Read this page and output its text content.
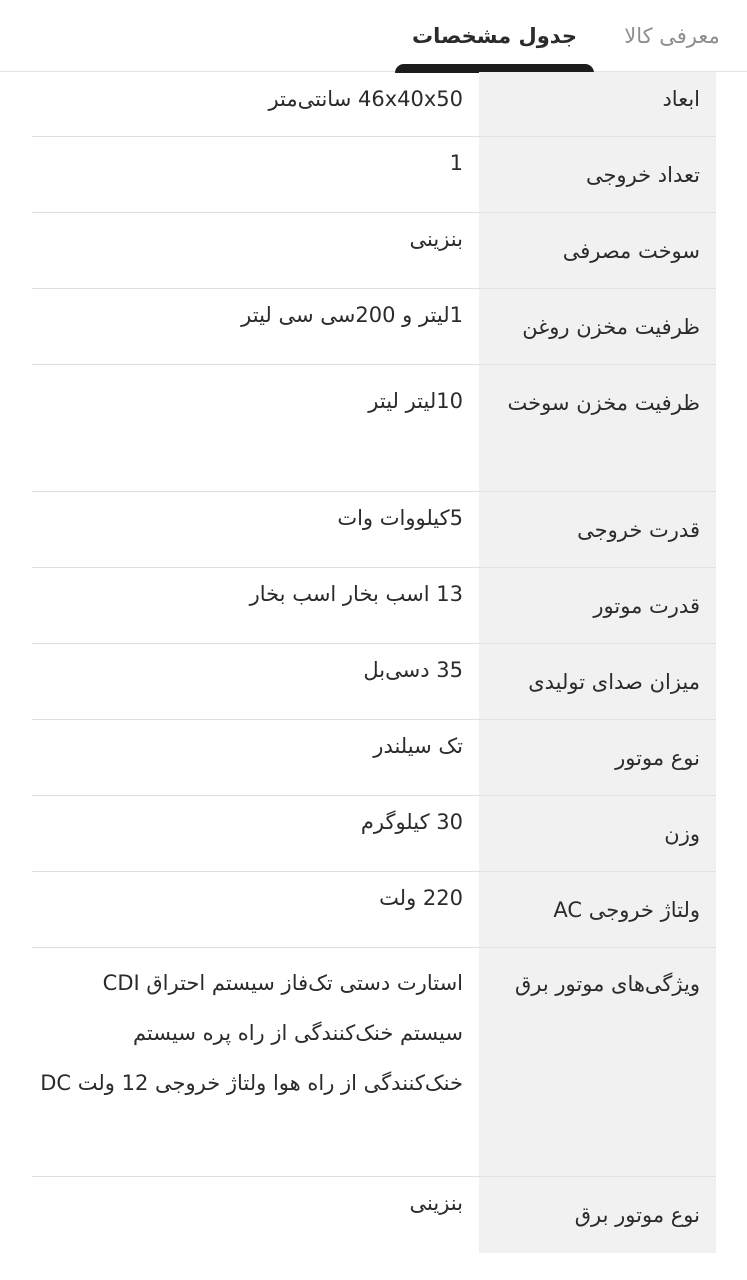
معرفی کالا
جدول مشخصات
ابعاد
46x40x50 سانتی‌متر
تعداد خروجی
1
سوخت مصرفی
بنزینی
ظرفیت مخزن روغن
1لیتر و 200سی سی لیتر
ظرفیت مخزن سوخت
10لیتر لیتر
قدرت خروجی
5کیلووات وات
قدرت موتور
13 اسب بخار اسب بخار
میزان صدای تولیدی
35 دسی‌بل
نوع موتور
تک سیلندر
وزن
30 کیلوگرم
ولتاژ خروجی AC
220 ولت
ویژگی‌های موتور برق
استارت دستی تک‌فاز سیستم احتراق CDI سیستم خنک‌کنندگی از راه پره سیستم خنک‌کنندگی از راه هوا ولتاژ خروجی 12 ولت DC
نوع موتور برق
بنزینی
